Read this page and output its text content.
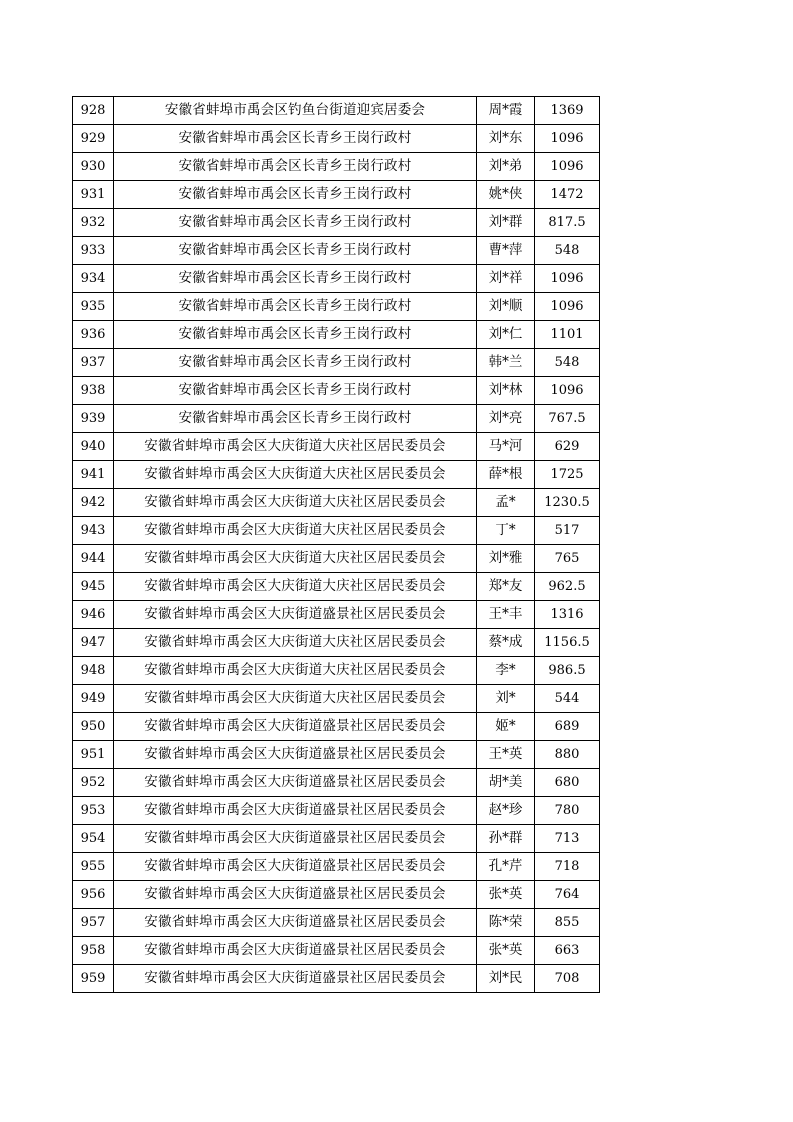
928	安徽省蚌埠市禹会区钓鱼台街道迎宾居委会	周*霞	1369
929	安徽省蚌埠市禹会区长青乡王岗行政村	刘*东	1096
930	安徽省蚌埠市禹会区长青乡王岗行政村	刘*弟	1096
931	安徽省蚌埠市禹会区长青乡王岗行政村	姚*侠	1472
932	安徽省蚌埠市禹会区长青乡王岗行政村	刘*群	817.5
933	安徽省蚌埠市禹会区长青乡王岗行政村	曹*萍	548
934	安徽省蚌埠市禹会区长青乡王岗行政村	刘*祥	1096
935	安徽省蚌埠市禹会区长青乡王岗行政村	刘*顺	1096
936	安徽省蚌埠市禹会区长青乡王岗行政村	刘*仁	1101
937	安徽省蚌埠市禹会区长青乡王岗行政村	韩*兰	548
938	安徽省蚌埠市禹会区长青乡王岗行政村	刘*林	1096
939	安徽省蚌埠市禹会区长青乡王岗行政村	刘*亮	767.5
940	安徽省蚌埠市禹会区大庆街道大庆社区居民委员会	马*河	629
941	安徽省蚌埠市禹会区大庆街道大庆社区居民委员会	薛*根	1725
942	安徽省蚌埠市禹会区大庆街道大庆社区居民委员会	孟*	1230.5
943	安徽省蚌埠市禹会区大庆街道大庆社区居民委员会	丁*	517
944	安徽省蚌埠市禹会区大庆街道大庆社区居民委员会	刘*雅	765
945	安徽省蚌埠市禹会区大庆街道大庆社区居民委员会	郑*友	962.5
946	安徽省蚌埠市禹会区大庆街道盛景社区居民委员会	王*丰	1316
947	安徽省蚌埠市禹会区大庆街道大庆社区居民委员会	蔡*成	1156.5
948	安徽省蚌埠市禹会区大庆街道大庆社区居民委员会	李*	986.5
949	安徽省蚌埠市禹会区大庆街道大庆社区居民委员会	刘*	544
950	安徽省蚌埠市禹会区大庆街道盛景社区居民委员会	姬*	689
951	安徽省蚌埠市禹会区大庆街道盛景社区居民委员会	王*英	880
952	安徽省蚌埠市禹会区大庆街道盛景社区居民委员会	胡*美	680
953	安徽省蚌埠市禹会区大庆街道盛景社区居民委员会	赵*珍	780
954	安徽省蚌埠市禹会区大庆街道盛景社区居民委员会	孙*群	713
955	安徽省蚌埠市禹会区大庆街道盛景社区居民委员会	孔*芹	718
956	安徽省蚌埠市禹会区大庆街道盛景社区居民委员会	张*英	764
957	安徽省蚌埠市禹会区大庆街道盛景社区居民委员会	陈*荣	855
958	安徽省蚌埠市禹会区大庆街道盛景社区居民委员会	张*英	663
959	安徽省蚌埠市禹会区大庆街道盛景社区居民委员会	刘*民	708
